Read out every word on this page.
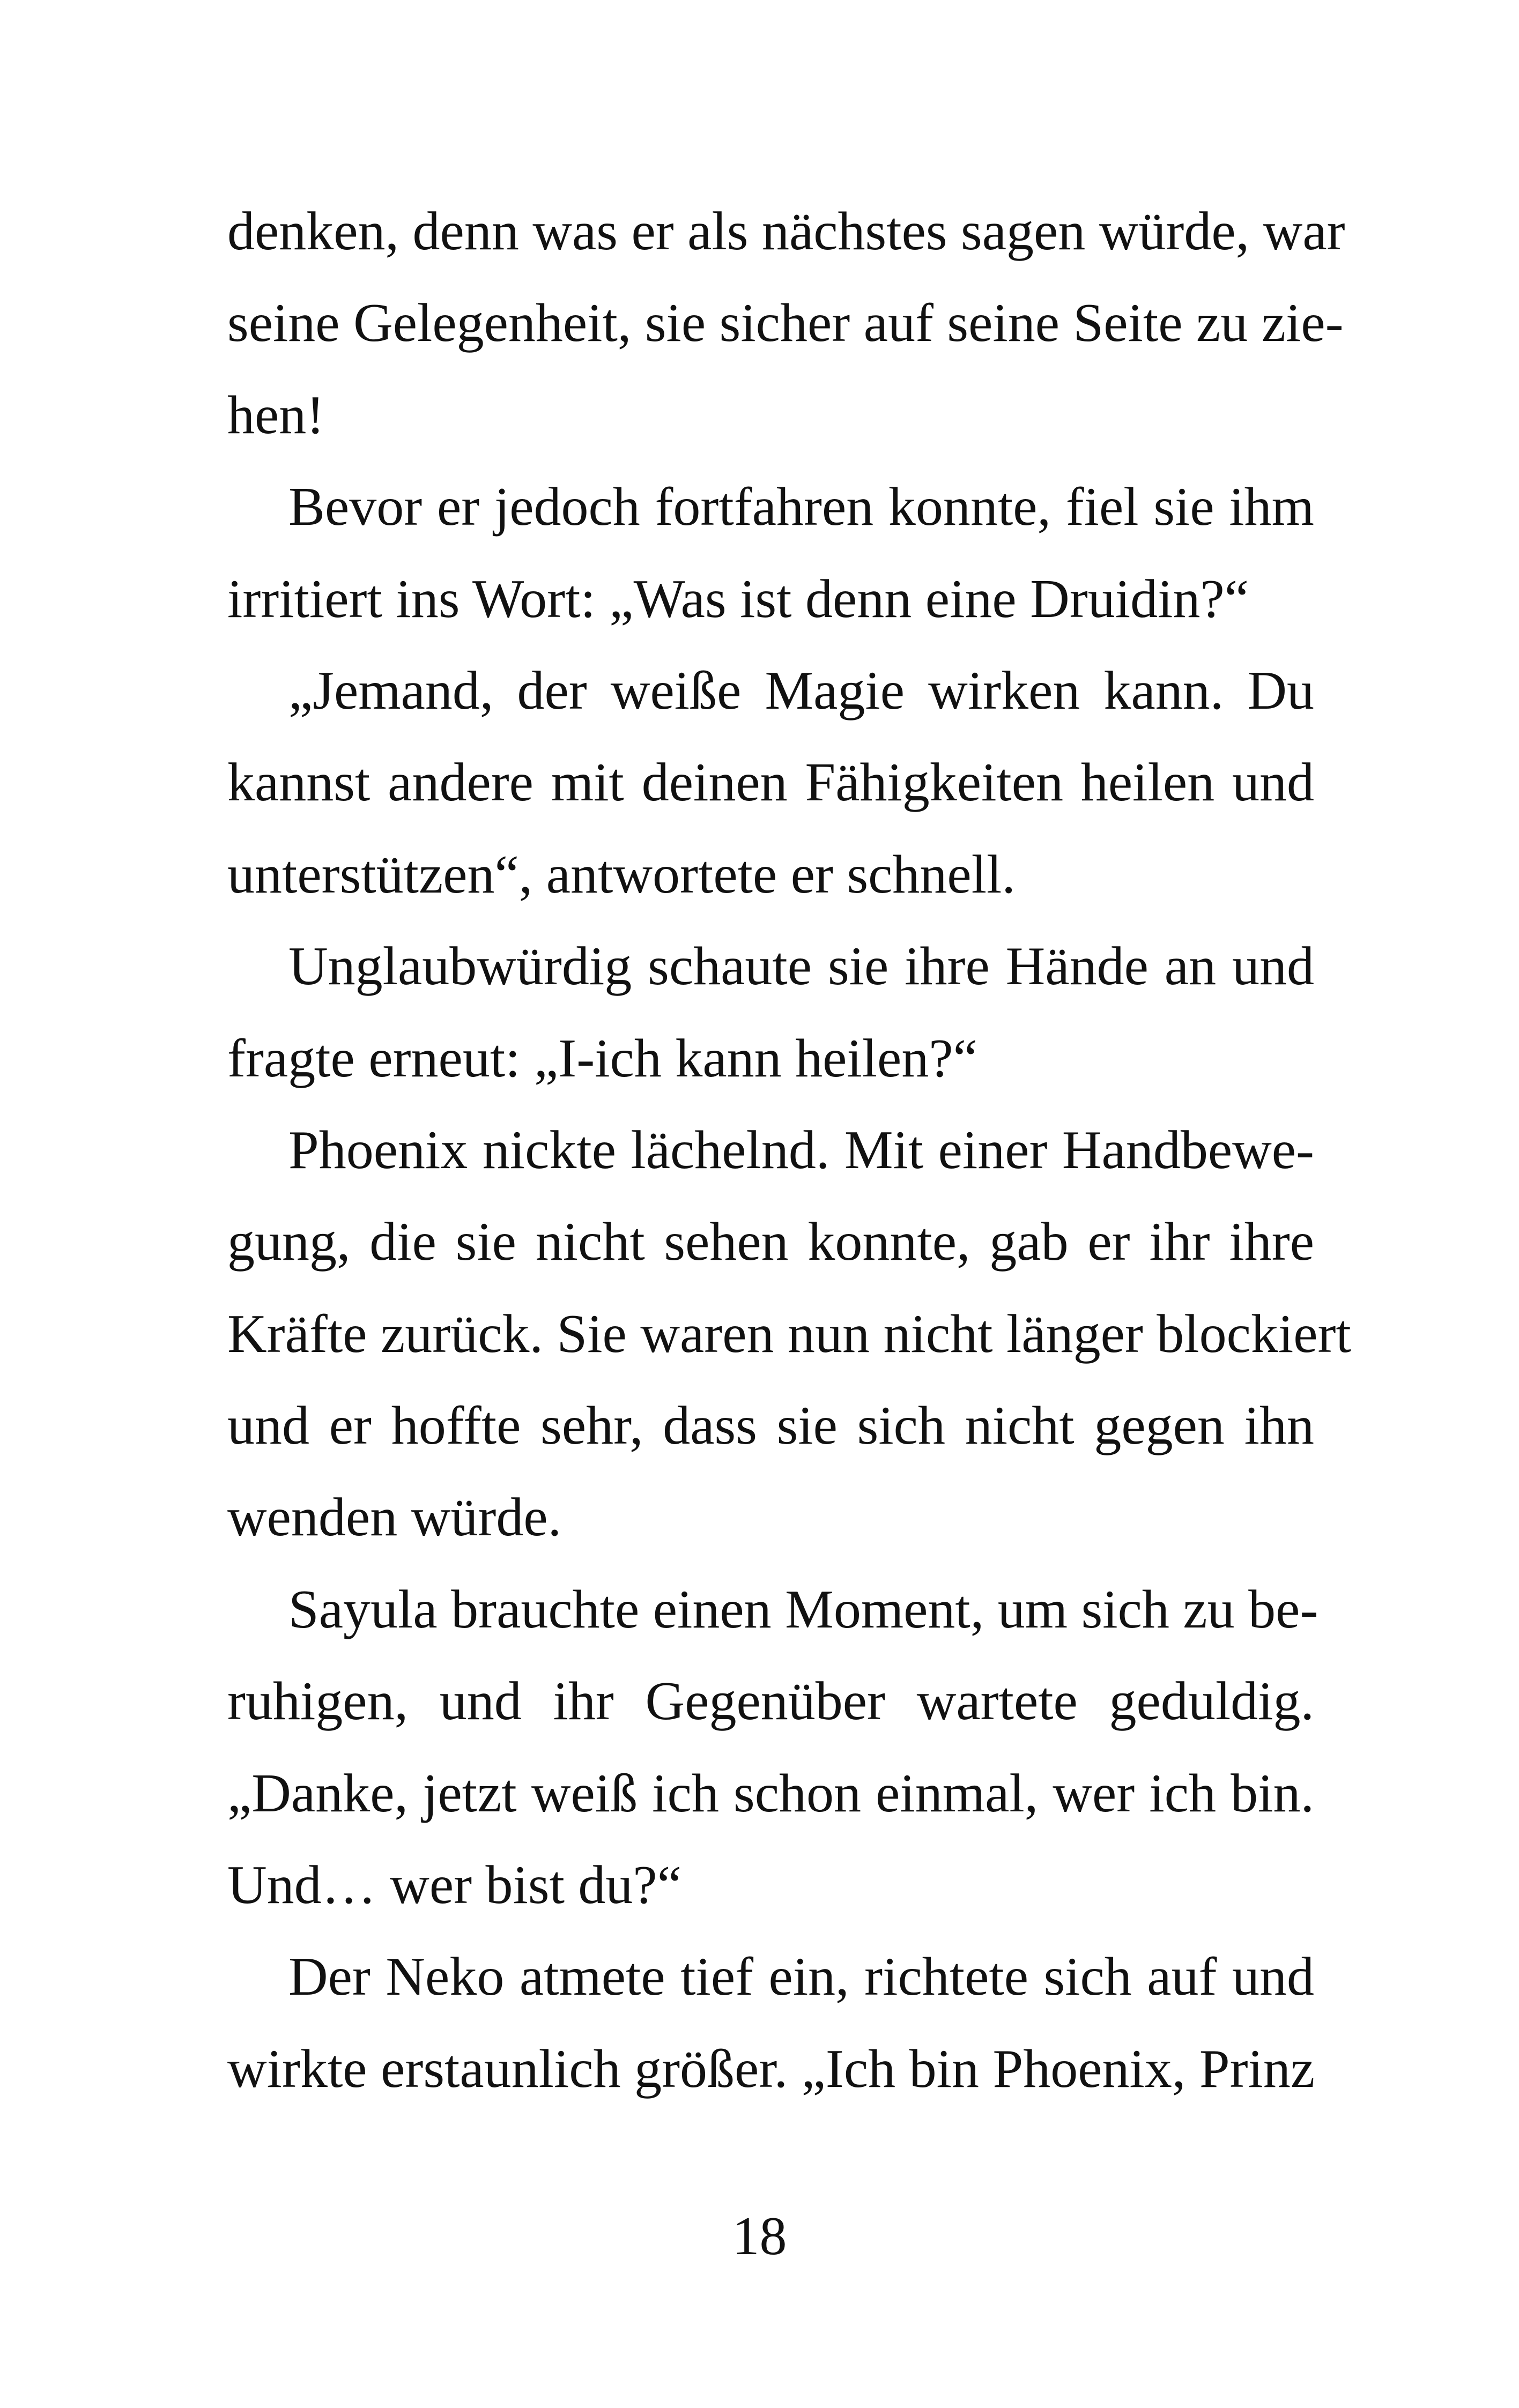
denken, denn was er als nächstes sagen würde, war
seine Gelegenheit, sie sicher auf seine Seite zu zie-
hen!
Bevor er jedoch fortfahren konnte, fiel sie ihm
irritiert ins Wort: „Was ist denn eine Druidin?“
„Jemand, der weiße Magie wirken kann. Du
kannst andere mit deinen Fähigkeiten heilen und
unterstützen“, antwortete er schnell.
Unglaubwürdig schaute sie ihre Hände an und
fragte erneut: „I-ich kann heilen?“
Phoenix nickte lächelnd. Mit einer Handbewe-
gung, die sie nicht sehen konnte, gab er ihr ihre
Kräfte zurück. Sie waren nun nicht länger blockiert
und er hoffte sehr, dass sie sich nicht gegen ihn
wenden würde.
Sayula brauchte einen Moment, um sich zu be-
ruhigen, und ihr Gegenüber wartete geduldig.
„Danke, jetzt weiß ich schon einmal, wer ich bin.
Und… wer bist du?“
Der Neko atmete tief ein, richtete sich auf und
wirkte erstaunlich größer. „Ich bin Phoenix, Prinz
18
